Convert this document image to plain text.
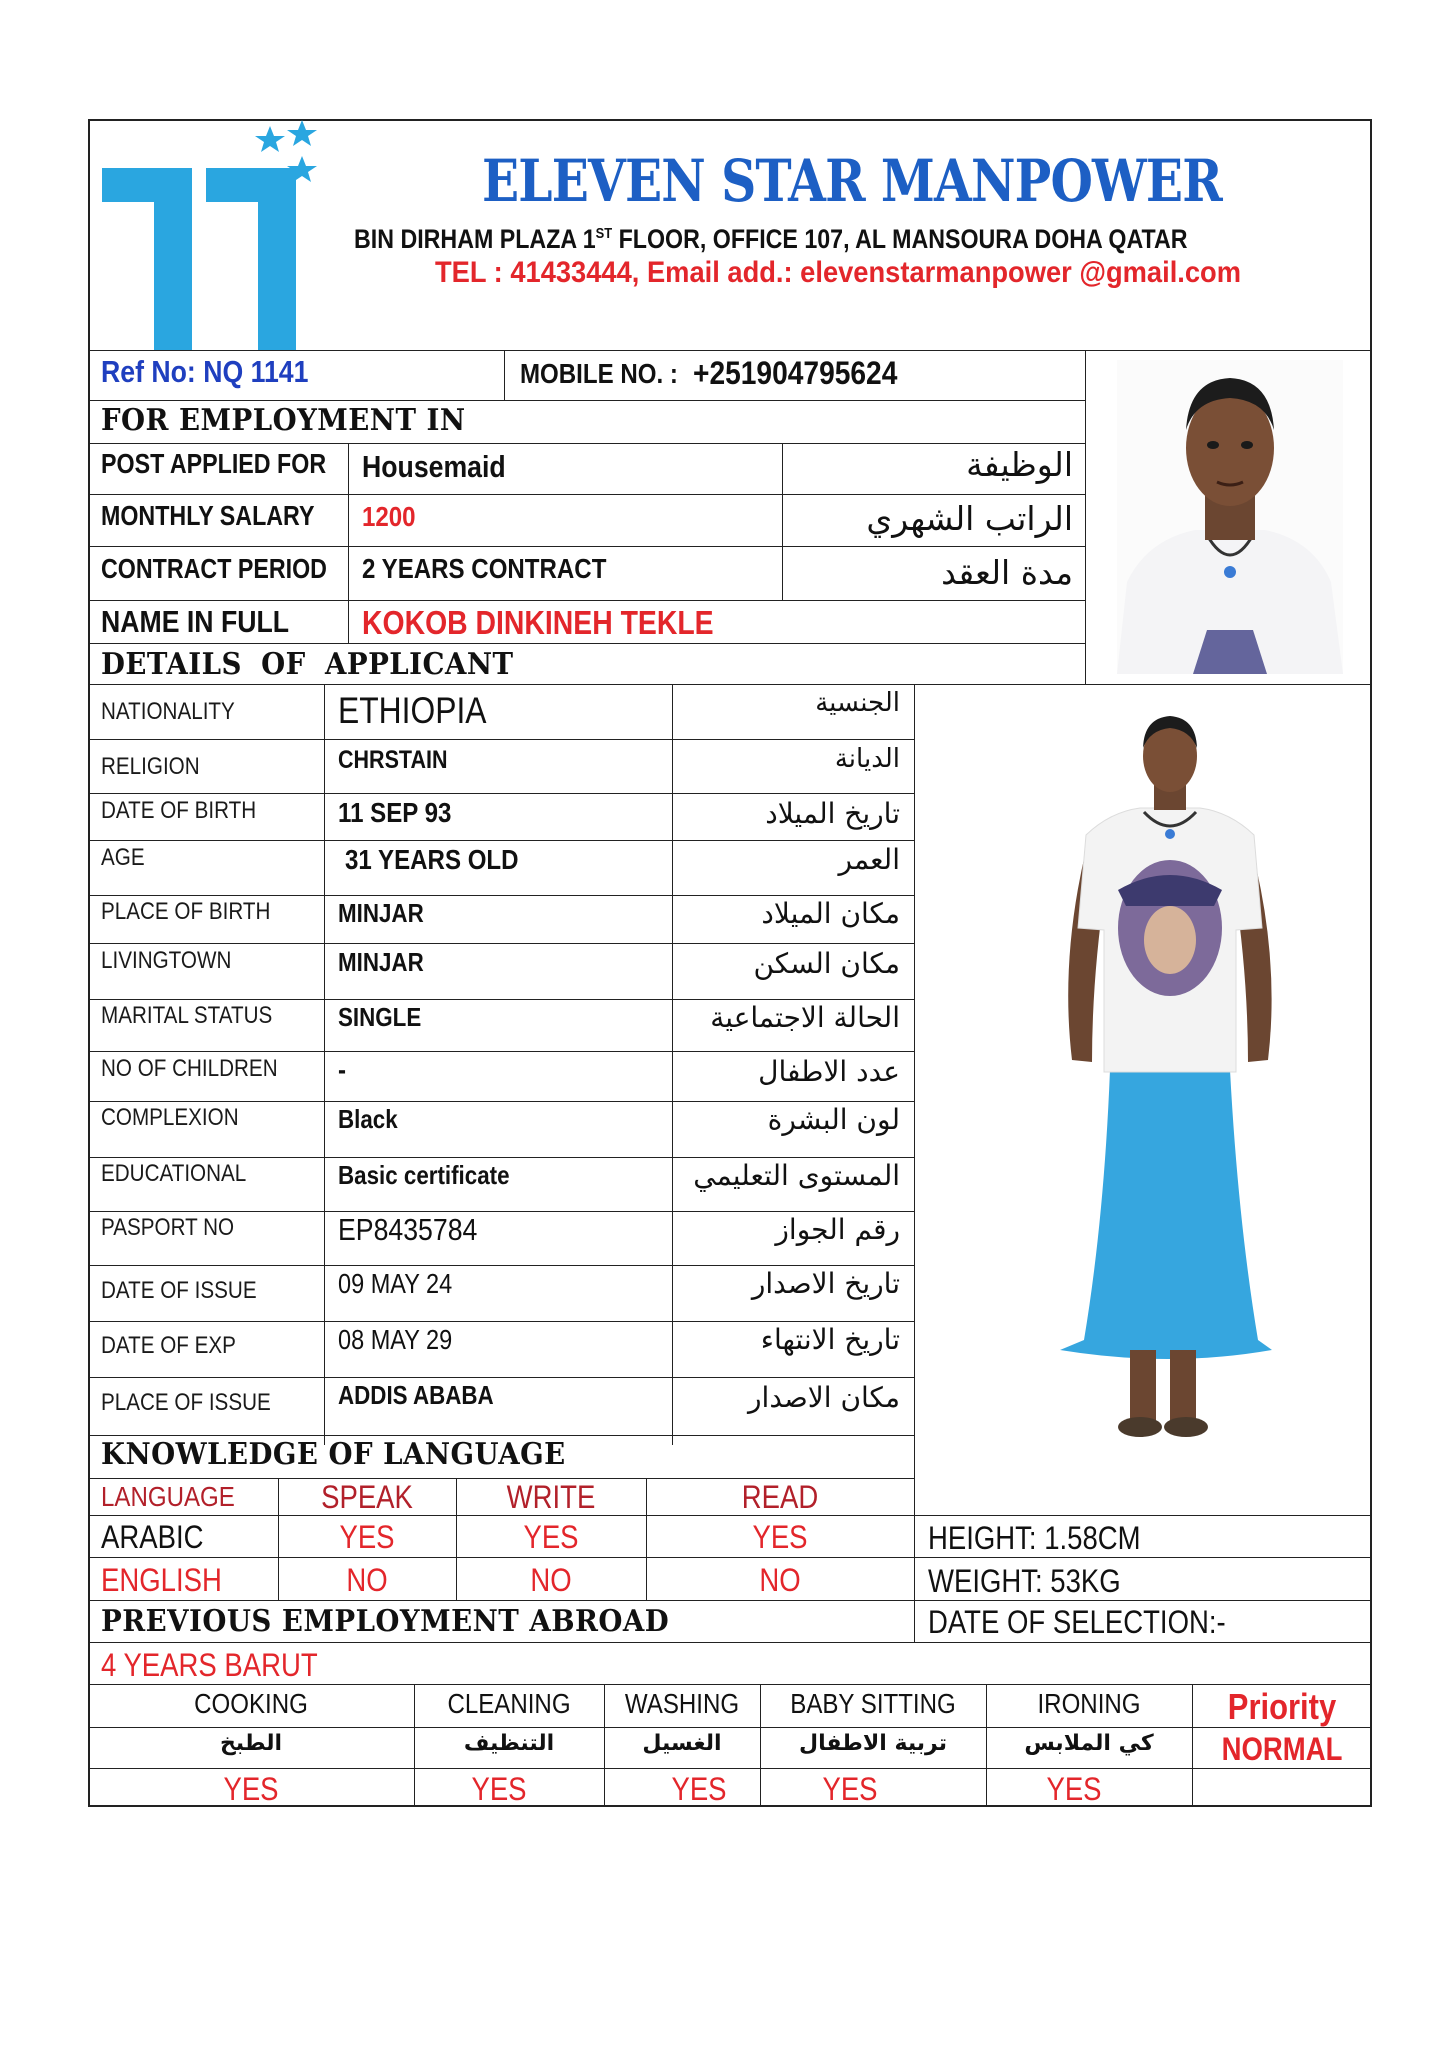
ELEVEN STAR MANPOWER
BIN DIRHAM PLAZA 1ST FLOOR, OFFICE 107, AL MANSOURA DOHA QATAR
TEL : 41433444, Email add.: elevenstarmanpower @gmail.com
Ref No: NQ 1141	MOBILE NO. : +251904795624
FOR EMPLOYMENT IN
POST APPLIED FOR Housemaid	الوظيفة
MONTHLY SALARY 1200	الراتب الشهري
CONTRACT PERIOD 2 YEARS CONTRACT	مدة العقد
NAME IN FULL KOKOB DINKINEH TEKLE
DETAILS OF APPLICANT
NATIONALITY	ETHIOPIA	الجنسية
RELIGION	CHRSTAIN	الديانة
DATE OF BIRTH	11 SEP 93	تاريخ الميلاد
AGE	31 YEARS OLD	العمر
PLACE OF BIRTH	MINJAR	مكان الميلاد
LIVINGTOWN	MINJAR	مكان السكن
MARITAL STATUS	SINGLE	الحالة الاجتماعية
NO OF CHILDREN -	عدد الاطفال
COMPLEXION	Black	لون البشرة
EDUCATIONAL	Basic certificate	المستوى التعليمي
PASPORT NO	EP8435784	رقم الجواز
DATE OF ISSUE	09 MAY 24	تاريخ الاصدار
DATE OF EXP	08 MAY 29	تاريخ الانتهاء
PLACE OF ISSUE	ADDIS ABABA	مكان الاصدار
KNOWLEDGE OF LANGUAGE
LANGUAGE	SPEAK	WRITE	READ
ARABIC	YES	YES	YES
ENGLISH	NO	NO	NO
HEIGHT: 1.58CM
WEIGHT: 53KG
DATE OF SELECTION:-
PREVIOUS EMPLOYMENT ABROAD
4 YEARS BARUT
COOKING	CLEANING	WASHING	BABY SITTING	IRONING
الطبخ	التنظيف	الغسيل	تربية الاطفال	كي الملابس
YES	YES	YES	YES	YES
Priority
NORMAL
